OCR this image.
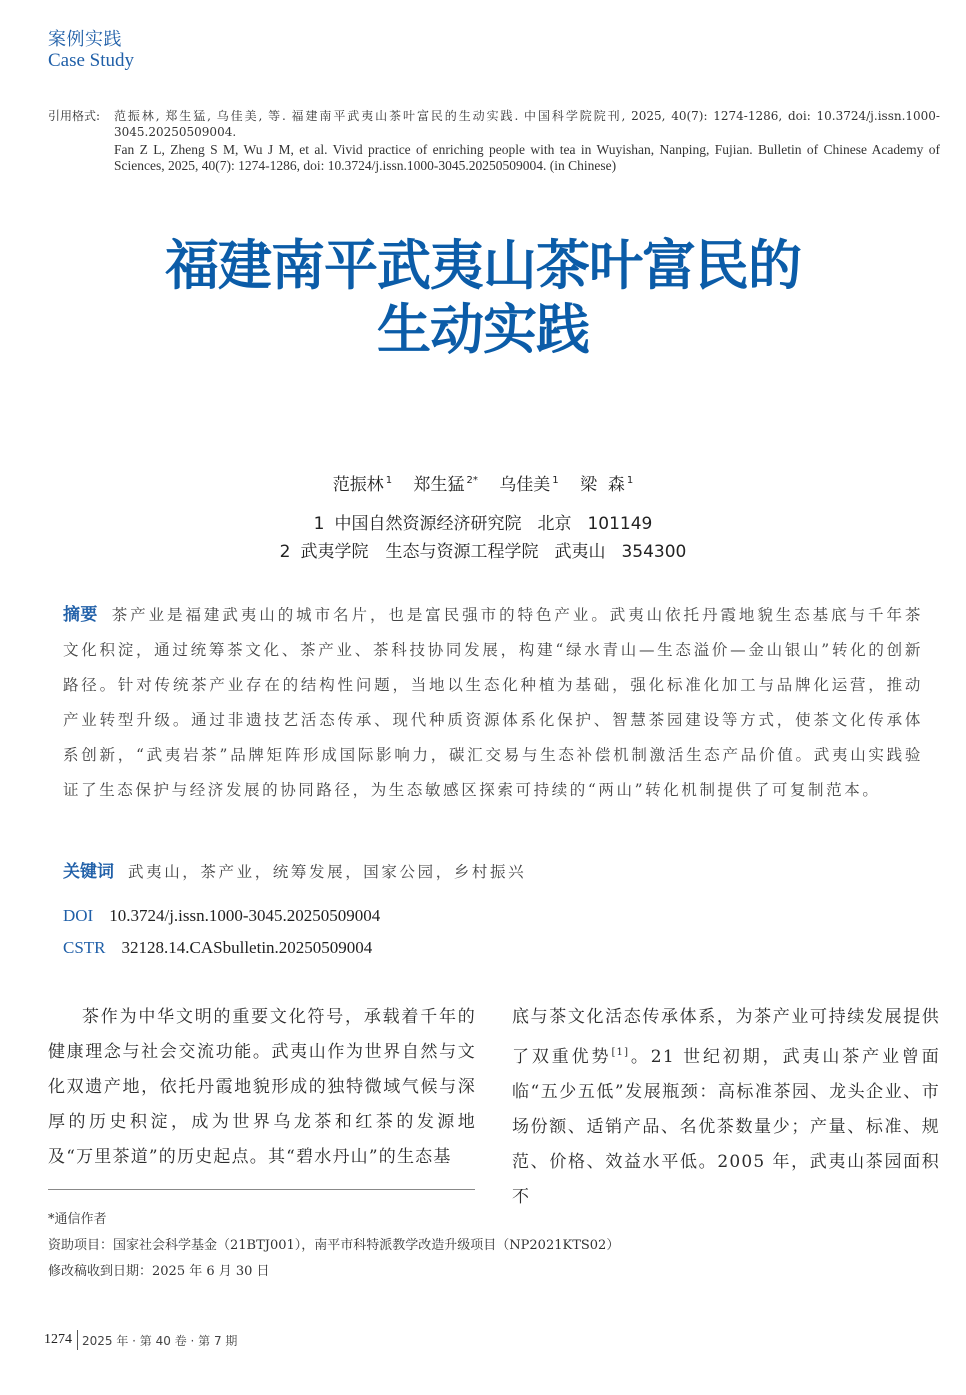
案例实践
Case Study
引用格式: 范振林, 郑生猛, 乌佳美, 等. 福建南平武夷山茶叶富民的生动实践. 中国科学院院刊, 2025, 40(7): 1274-1286, doi: 10.3724/j.issn.1000-3045.20250509004.
Fan Z L, Zheng S M, Wu J M, et al. Vivid practice of enriching people with tea in Wuyishan, Nanping, Fujian. Bulletin of Chinese Academy of Sciences, 2025, 40(7): 1274-1286, doi: 10.3724/j.issn.1000-3045.20250509004. (in Chinese)
福建南平武夷山茶叶富民的
生动实践
范振林 $^1$ 郑生猛 $^{2*}$ 乌佳美 $^1$ 梁  森 $^1$
1 中国自然资源经济研究院 北京 101149
2 武夷学院　生态与资源工程学院 武夷山 354300
摘要 茶产业是福建武夷山的城市名片，也是富民强市的特色产业。武夷山依托丹霞地貌生态基底与千年茶文化积淀，通过统筹茶文化、茶产业、茶科技协同发展，构建“绿水青山—生态溢价—金山银山”转化的创新路径。针对传统茶产业存在的结构性问题，当地以生态化种植为基础，强化标准化加工与品牌化运营，推动产业转型升级。通过非遗技艺活态传承、现代种质资源体系化保护、智慧茶园建设等方式，使茶文化传承体系创新，“武夷岩茶”品牌矩阵形成国际影响力，碳汇交易与生态补偿机制激活生态产品价值。武夷山实践验证了生态保护与经济发展的协同路径，为生态敏感区探索可持续的“两山”转化机制提供了可复制范本。
关键词 武夷山，茶产业，统筹发展，国家公园，乡村振兴
DOI 10.3724/j.issn.1000-3045.20250509004
CSTR 32128.14.CASbulletin.20250509004
茶作为中华文明的重要文化符号，承载着千年的健康理念与社会交流功能。武夷山作为世界自然与文化双遗产地，依托丹霞地貌形成的独特微域气候与深厚的历史积淀，成为世界乌龙茶和红茶的发源地及“万里茶道”的历史起点。其“碧水丹山”的生态基
底与茶文化活态传承体系，为茶产业可持续发展提供了双重优势[1]。21 世纪初期，武夷山茶产业曾面临“五少五低”发展瓶颈：高标准茶园、龙头企业、市场份额、适销产品、名优茶数量少；产量、标准、规范、价格、效益水平低。2005 年，武夷山茶园面积不
*通信作者
资助项目：国家社会科学基金（21BTJ001），南平市科特派教学改造升级项目（NP2021KTS02）
修改稿收到日期：2025 年 6 月 30 日
1274 2025 年 · 第 40 卷 · 第 7 期
